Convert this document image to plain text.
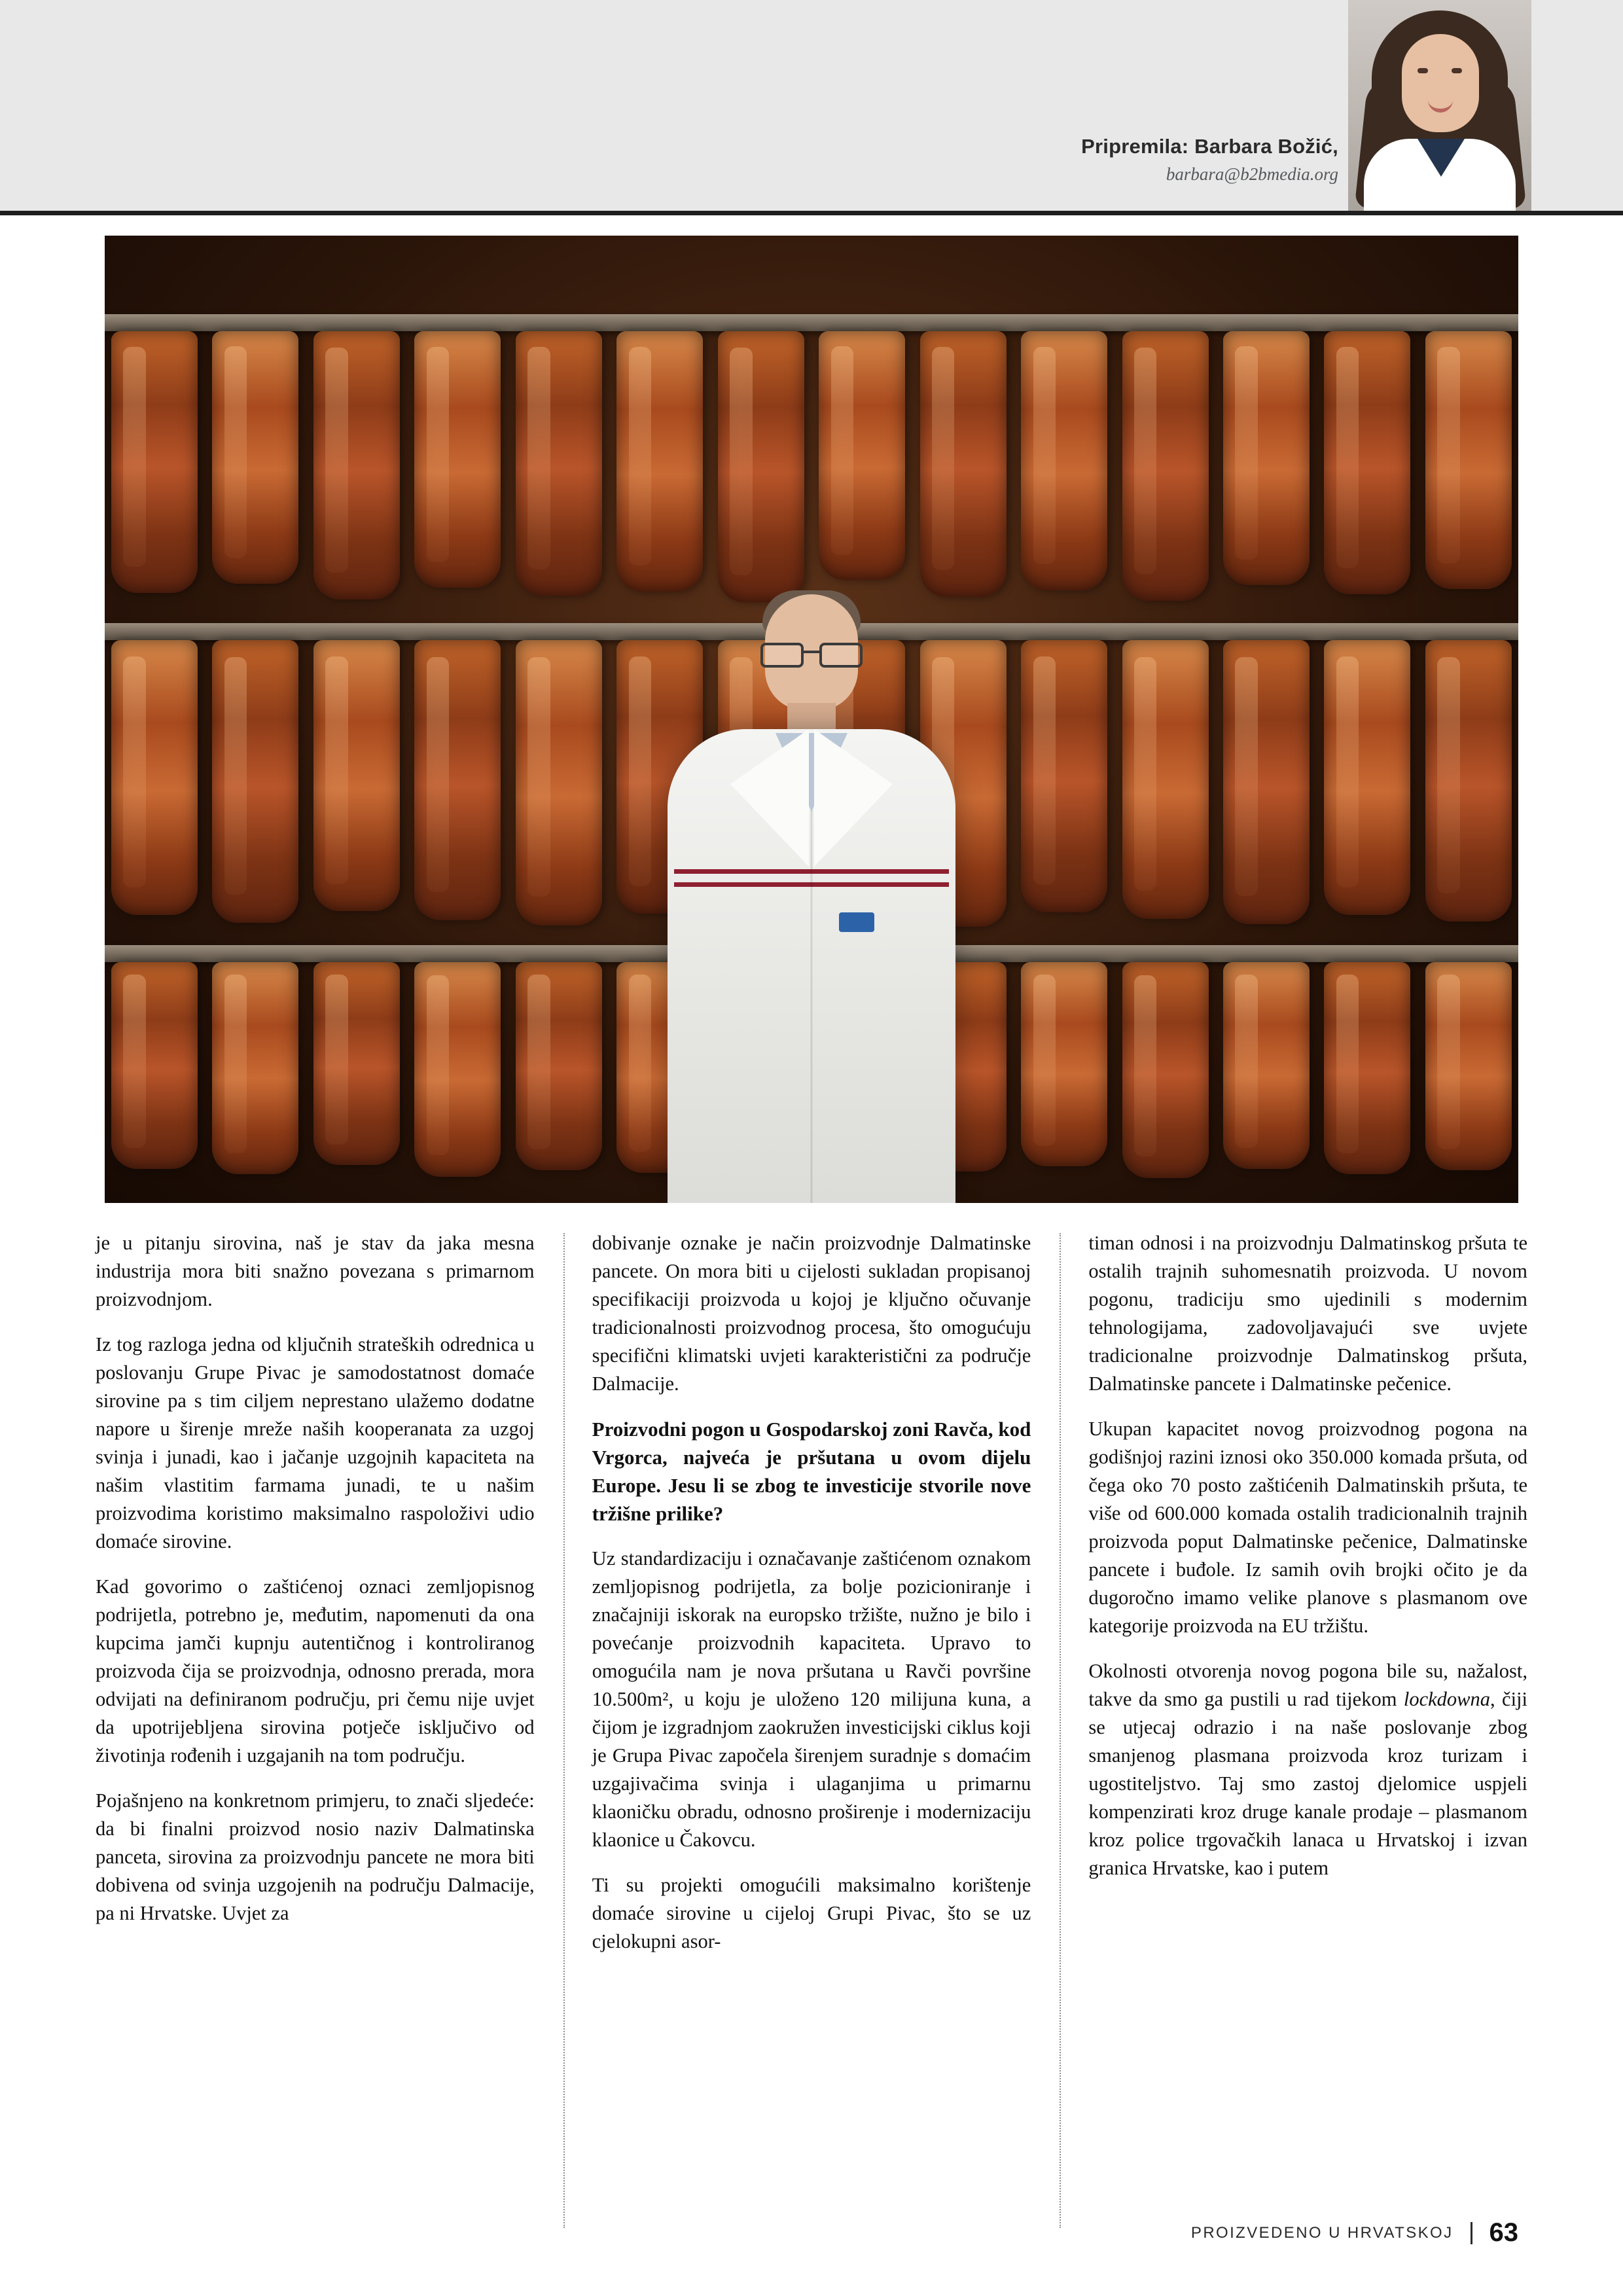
Pripremila: Barbara Božić,
barbara@b2bmedia.org

je u pitanju sirovina, naš je stav da jaka mesna industrija mora biti snažno povezana s primarnom proizvodnjom.

Iz tog razloga jedna od ključnih strateških odrednica u poslovanju Grupe Pivac je samodostatnost domaće sirovine pa s tim ciljem neprestano ulažemo dodatne napore u širenje mreže naših kooperanata za uzgoj svinja i junadi, kao i jačanje uzgojnih kapaciteta na našim vlastitim farmama junadi, te u našim proizvodima koristimo maksimalno raspoloživi udio domaće sirovine.

Kad govorimo o zaštićenoj oznaci zemljopisnog podrijetla, potrebno je, međutim, napomenuti da ona kupcima jamči kupnju autentičnog i kontroliranog proizvoda čija se proizvodnja, odnosno prerada, mora odvijati na definiranom području, pri čemu nije uvjet da upotrijebljena sirovina potječe isključivo od životinja rođenih i uzgajanih na tom području.

Pojašnjeno na konkretnom primjeru, to znači sljedeće: da bi finalni proizvod nosio naziv Dalmatinska panceta, sirovina za proizvodnju pancete ne mora biti dobivena od svinja uzgojenih na području Dalmacije, pa ni Hrvatske. Uvjet za

dobivanje oznake je način proizvodnje Dalmatinske pancete. On mora biti u cijelosti sukladan propisanoj specifikaciji proizvoda u kojoj je ključno očuvanje tradicionalnosti proizvodnog procesa, što omogućuju specifični klimatski uvjeti karakteristični za područje Dalmacije.

Proizvodni pogon u Gospodarskoj zoni Ravča, kod Vrgorca, najveća je pršutana u ovom dijelu Europe. Jesu li se zbog te investicije stvorile nove tržišne prilike?

Uz standardizaciju i označavanje zaštićenom oznakom zemljopisnog podrijetla, za bolje pozicioniranje i značajniji iskorak na europsko tržište, nužno je bilo i povećanje proizvodnih kapaciteta. Upravo to omogućila nam je nova pršutana u Ravči površine 10.500m², u koju je uloženo 120 milijuna kuna, a čijom je izgradnjom zaokružen investicijski ciklus koji je Grupa Pivac započela širenjem suradnje s domaćim uzgajivačima svinja i ulaganjima u primarnu klaoničku obradu, odnosno proširenje i modernizaciju klaonice u Čakovcu.

Ti su projekti omogućili maksimalno korištenje domaće sirovine u cijeloj Grupi Pivac, što se uz cjelokupni asor-

timan odnosi i na proizvodnju Dalmatinskog pršuta te ostalih trajnih suhomesnatih proizvoda. U novom pogonu, tradiciju smo ujedinili s modernim tehnologijama, zadovoljavajući sve uvjete tradicionalne proizvodnje Dalmatinskog pršuta, Dalmatinske pancete i Dalmatinske pečenice.

Ukupan kapacitet novog proizvodnog pogona na godišnjoj razini iznosi oko 350.000 komada pršuta, od čega oko 70 posto zaštićenih Dalmatinskih pršuta, te više od 600.000 komada ostalih tradicionalnih trajnih proizvoda poput Dalmatinske pečenice, Dalmatinske pancete i buđole. Iz samih ovih brojki očito je da dugoročno imamo velike planove s plasmanom ove kategorije proizvoda na EU tržištu.

Okolnosti otvorenja novog pogona bile su, nažalost, takve da smo ga pustili u rad tijekom lockdowna, čiji se utjecaj odrazio i na naše poslovanje zbog smanjenog plasmana proizvoda kroz turizam i ugostiteljstvo. Taj smo zastoj djelomice uspjeli kompenzirati kroz druge kanale prodaje – plasmanom kroz police trgovačkih lanaca u Hrvatskoj i izvan granica Hrvatske, kao i putem

PROIZVEDENO U HRVATSKOJ 63
